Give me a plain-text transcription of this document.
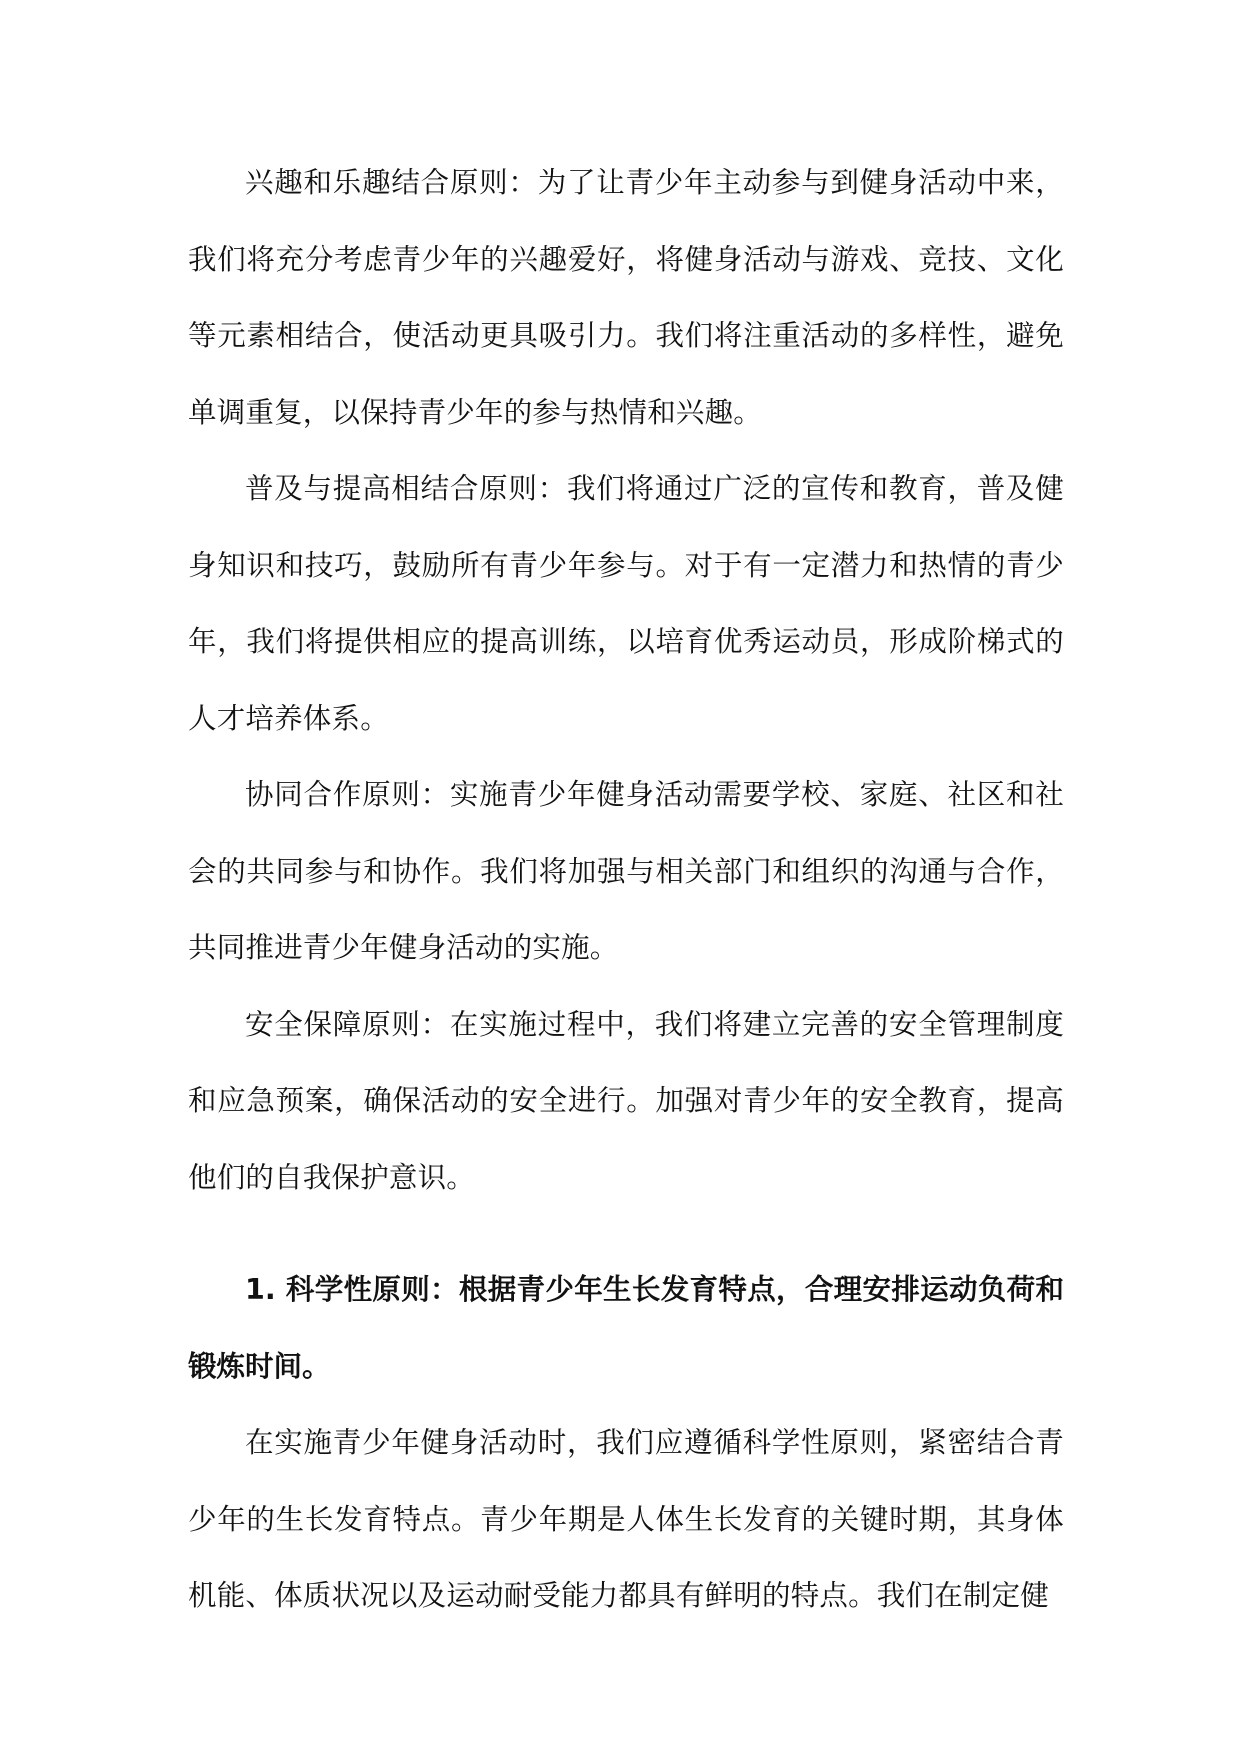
兴趣和乐趣结合原则：为了让青少年主动参与到健身活动中来，我们将充分考虑青少年的兴趣爱好，将健身活动与游戏、竞技、文化等元素相结合，使活动更具吸引力。我们将注重活动的多样性，避免单调重复，以保持青少年的参与热情和兴趣。

普及与提高相结合原则：我们将通过广泛的宣传和教育，普及健身知识和技巧，鼓励所有青少年参与。对于有一定潜力和热情的青少年，我们将提供相应的提高训练，以培育优秀运动员，形成阶梯式的人才培养体系。

协同合作原则：实施青少年健身活动需要学校、家庭、社区和社会的共同参与和协作。我们将加强与相关部门和组织的沟通与合作，共同推进青少年健身活动的实施。

安全保障原则：在实施过程中，我们将建立完善的安全管理制度和应急预案，确保活动的安全进行。加强对青少年的安全教育，提高他们的自我保护意识。

1. 科学性原则：根据青少年生长发育特点，合理安排运动负荷和锻炼时间。

在实施青少年健身活动时，我们应遵循科学性原则，紧密结合青少年的生长发育特点。青少年期是人体生长发育的关键时期，其身体机能、体质状况以及运动耐受能力都具有鲜明的特点。我们在制定健
